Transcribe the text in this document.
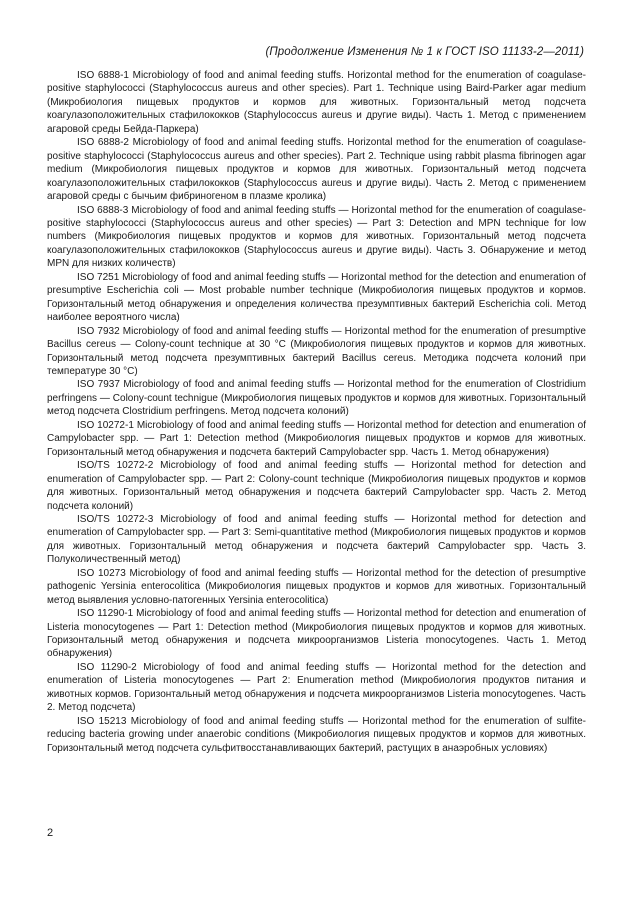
(Продолжение Изменения № 1 к ГОСТ ISO 11133-2—2011)

ISO 6888-1 Microbiology of food and animal feeding stuffs. Horizontal method for the enumeration of coagulase-positive staphylococci (Staphylococcus aureus and other species). Part 1. Technique using Baird-Parker agar medium (Микробиология пищевых продуктов и кормов для животных. Горизонтальный метод подсчета коагулазоположительных стафилококков (Staphylococcus aureus и другие виды). Часть 1. Метод с применением агаровой среды Бейда-Паркера)

ISO 6888-2 Microbiology of food and animal feeding stuffs. Horizontal method for the enumeration of coagulase-positive staphylococci (Staphylococcus aureus and other species). Part 2. Technique using rabbit plasma fibrinogen agar medium (Микробиология пищевых продуктов и кормов для животных. Горизонтальный метод подсчета коагулазоположительных стафилококков (Staphylococcus aureus и другие виды). Часть 2. Метод с применением агаровой среды с бычьим фибриногеном в плазме кролика)

ISO 6888-3 Microbiology of food and animal feeding stuffs — Horizontal method for the enumeration of coagulase-positive staphylococci (Staphylococcus aureus and other species) — Part 3: Detection and MPN technique for low numbers (Микробиология пищевых продуктов и кормов для животных. Горизонтальный метод подсчета коагулазоположительных стафилококков (Staphylococcus aureus и другие виды). Часть 3. Обнаружение и метод MPN для низких количеств)

ISO 7251 Microbiology of food and animal feeding stuffs — Horizontal method for the detection and enumeration of presumptive Escherichia coli — Most probable number technique (Микробиология пищевых продуктов и кормов. Горизонтальный метод обнаружения и определения количества презумптивных бактерий Escherichia coli. Метод наиболее вероятного числа)

ISO 7932 Microbiology of food and animal feeding stuffs — Horizontal method for the enumeration of presumptive Bacillus cereus — Colony-count technique at 30 °С (Микробиология пищевых продуктов и кормов для животных. Горизонтальный метод подсчета презумптивных бактерий Bacillus cereus. Методика подсчета колоний при температуре 30 °С)

ISO 7937 Microbiology of food and animal feeding stuffs — Horizontal method for the enumeration of Clostridium perfringens — Colony-count technigue (Микробиология пищевых продуктов и кормов для животных. Горизонтальный метод подсчета Clostridium perfringens. Метод подсчета колоний)

ISO 10272-1 Microbiology of food and animal feeding stuffs — Horizontal method for detection and enumeration of Campylobacter spp. — Part 1: Detection method (Микробиология пищевых продуктов и кормов для животных. Горизонтальный метод обнаружения и подсчета бактерий Campylobacter spp. Часть 1. Метод обнаружения)

ISO/TS 10272-2 Microbiology of food and animal feeding stuffs — Horizontal method for detection and enumeration of Campylobacter spp. — Part 2: Colony-count technique (Микробиология пищевых продуктов и кормов для животных. Горизонтальный метод обнаружения и подсчета бактерий Campylobacter spp. Часть 2. Метод подсчета колоний)

ISO/TS 10272-3 Microbiology of food and animal feeding stuffs — Horizontal method for detection and enumeration of Campylobacter spp. — Part 3: Semi-quantitative method (Микробиология пищевых продуктов и кормов для животных. Горизонтальный метод обнаружения и подсчета бактерий Campylobacter spp. Часть 3. Полуколичественный метод)

ISO 10273 Microbiology of food and animal feeding stuffs — Horizontal method for the detection of presumptive pathogenic Yersinia enterocolitica (Микробиология пищевых продуктов и кормов для животных. Горизонтальный метод выявления условно-патогенных Yersinia enterocolitica)

ISO 11290-1 Microbiology of food and animal feeding stuffs — Horizontal method for detection and enumeration of Listeria monocytogenes — Part 1: Detection method (Микробиология пищевых продуктов и кормов для животных. Горизонтальный метод обнаружения и подсчета микроорганизмов Listeria monocytogenes. Часть 1. Метод обнаружения)

ISO 11290-2 Microbiology of food and animal feeding stuffs — Horizontal method for the detection and enumeration of Listeria monocytogenes — Part 2: Enumeration method (Микробиология продуктов питания и животных кормов. Горизонтальный метод обнаружения и подсчета микроорганизмов Listeria monocytogenes. Часть 2. Метод подсчета)

ISO 15213 Microbiology of food and animal feeding stuffs — Horizontal method for the enumeration of sulfite-reducing bacteria growing under anaerobic conditions (Микробиология пищевых продуктов и кормов для животных. Горизонтальный метод подсчета сульфитвосстанавливающих бактерий, растущих в анаэробных условиях)

2
